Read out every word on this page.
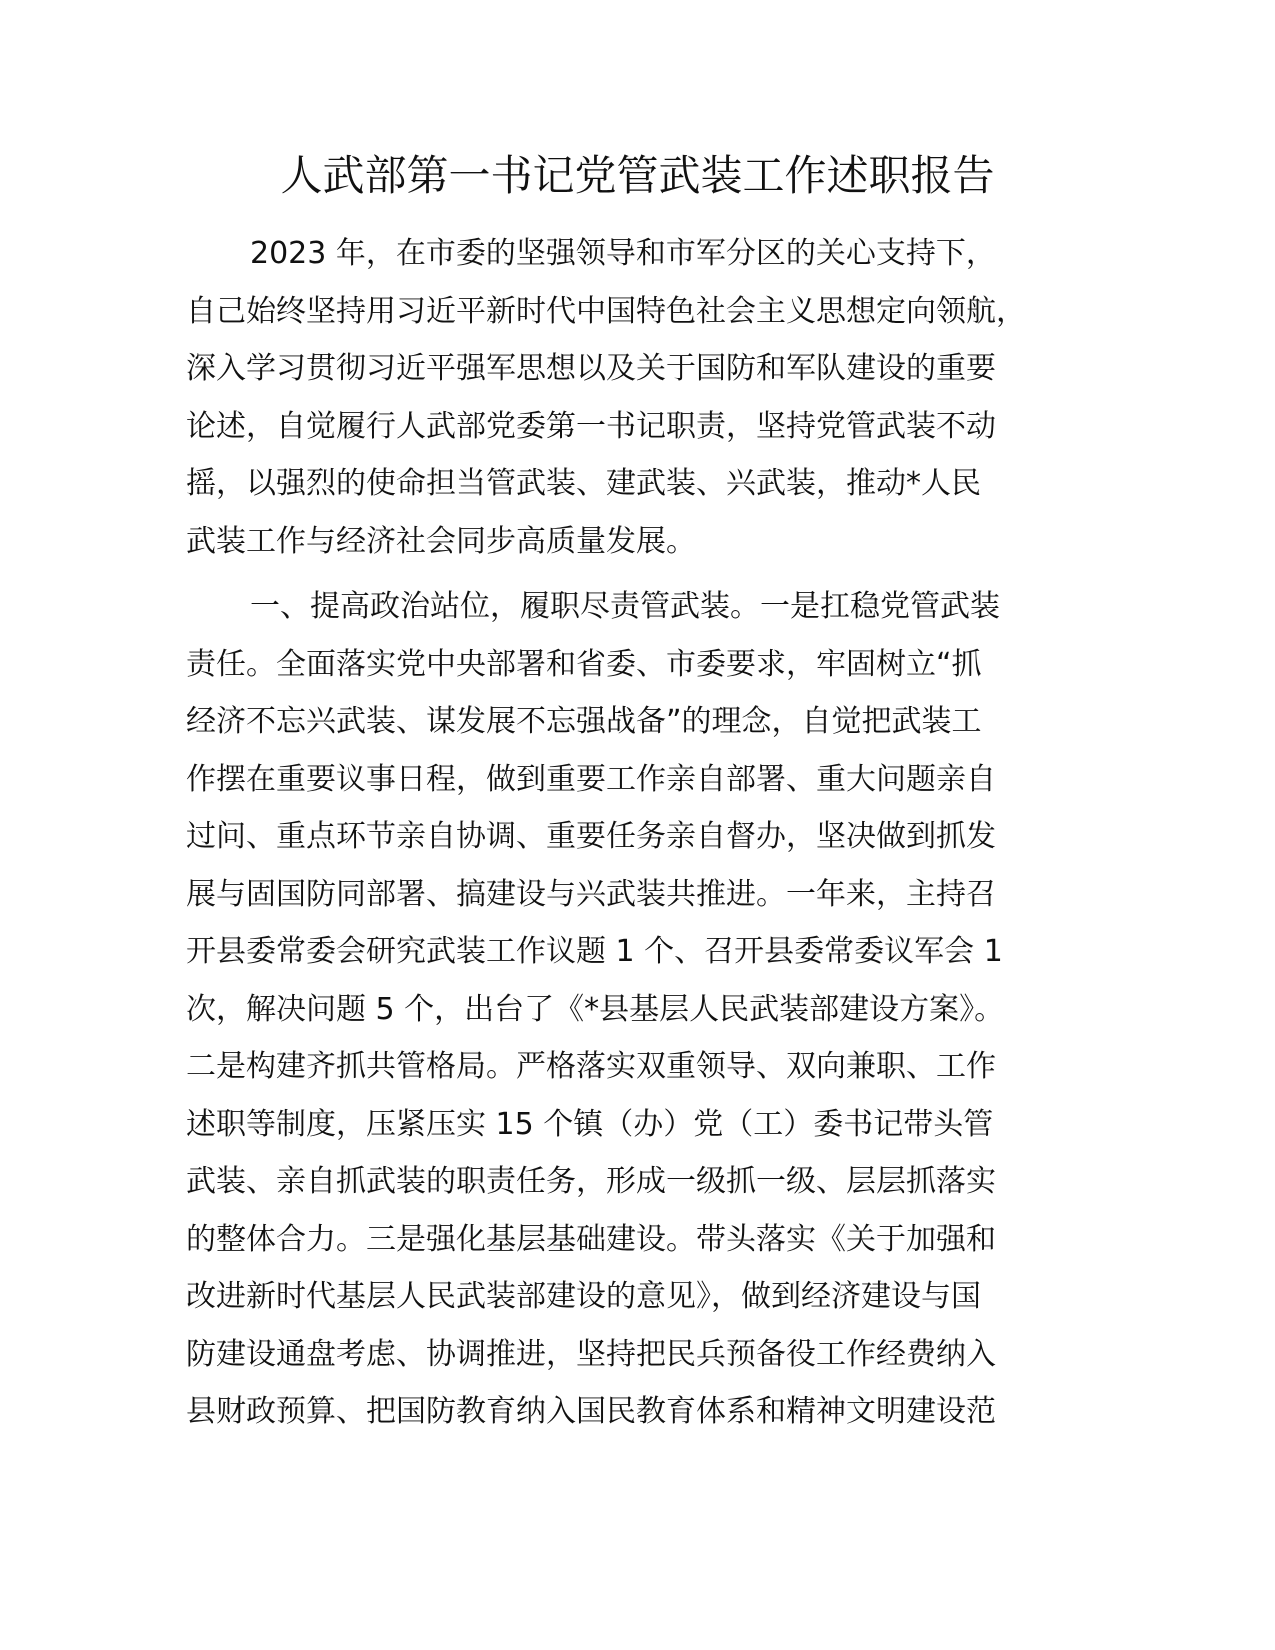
人武部第一书记党管武装工作述职报告
2023 年，在市委的坚强领导和市军分区的关心支持下，
自己始终坚持用习近平新时代中国特色社会主义思想定向领航，
深入学习贯彻习近平强军思想以及关于国防和军队建设的重要
论述，自觉履行人武部党委第一书记职责，坚持党管武装不动
摇，以强烈的使命担当管武装、建武装、兴武装，推动*人民
武装工作与经济社会同步高质量发展。
一、提高政治站位，履职尽责管武装。一是扛稳党管武装
责任。全面落实党中央部署和省委、市委要求，牢固树立“抓
经济不忘兴武装、谋发展不忘强战备”的理念，自觉把武装工
作摆在重要议事日程，做到重要工作亲自部署、重大问题亲自
过问、重点环节亲自协调、重要任务亲自督办，坚决做到抓发
展与固国防同部署、搞建设与兴武装共推进。一年来，主持召
开县委常委会研究武装工作议题 1 个、召开县委常委议军会 1
次，解决问题 5 个，出台了《*县基层人民武装部建设方案》。
二是构建齐抓共管格局。严格落实双重领导、双向兼职、工作
述职等制度，压紧压实 15 个镇（办）党（工）委书记带头管
武装、亲自抓武装的职责任务，形成一级抓一级、层层抓落实
的整体合力。三是强化基层基础建设。带头落实《关于加强和
改进新时代基层人民武装部建设的意见》，做到经济建设与国
防建设通盘考虑、协调推进，坚持把民兵预备役工作经费纳入
县财政预算、把国防教育纳入国民教育体系和精神文明建设范
